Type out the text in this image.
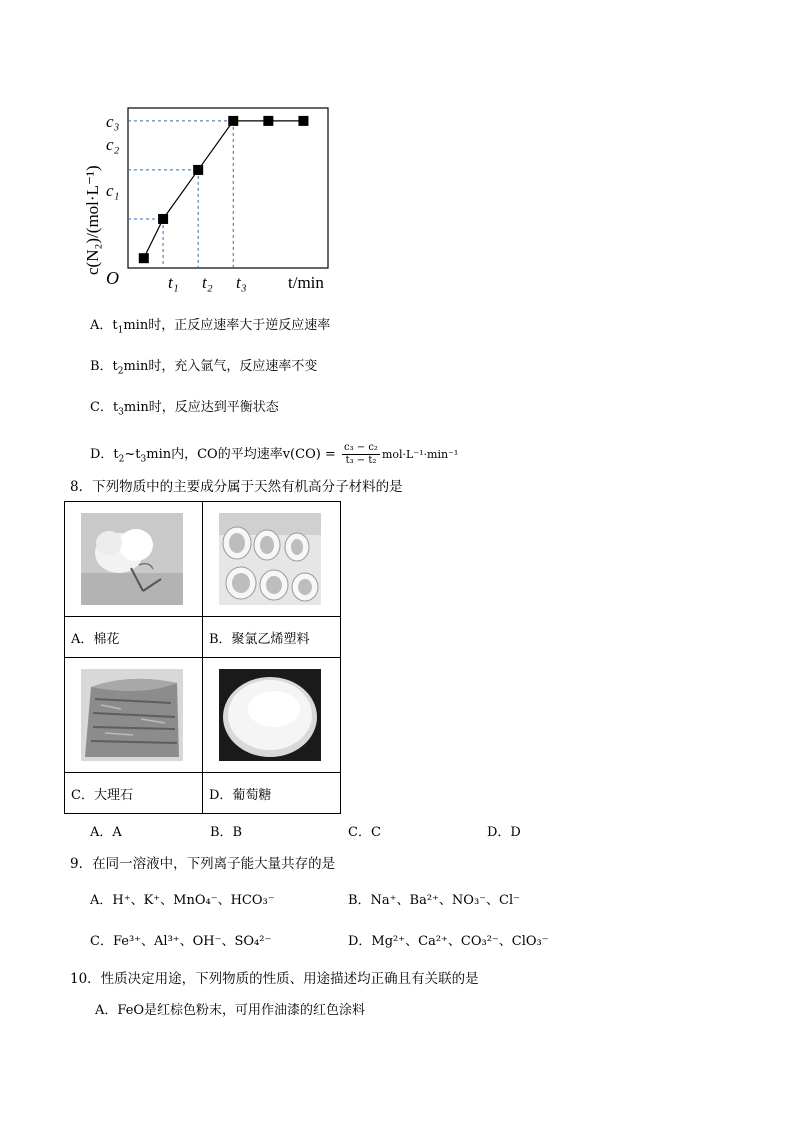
c(N₂)/(mol·L⁻¹)
O
c₁
c₂
c₃
t₁ t₂ t₃ t/min
A．$t_1\min$时，正反应速率大于逆反应速率
B．$t_2\min$时，充入氩气，反应速率不变
C．$t_3\min$时，反应达到平衡状态
D．$t_2\sim t_3\min$内，CO的平均速率$v(CO) = \frac{\text{c₃ − c₂}}{\text{t₃ − t₂}} mol\cdot L^{-1}\cdot\min^{-1}$
8．下列物质中的主要成分属于天然有机高分子材料的是

A．棉花	B．聚氯乙烯塑料

C．大理石	D．葡萄糖
A．A	B．B	C．C	D．D
9．在同一溶液中，下列离子能大量共存的是
A．H⁺、K⁺、MnO₄⁻、HCO₃⁻	B．Na⁺、Ba²⁺、NO₃⁻、Cl⁻
C．Fe³⁺、Al³⁺、OH⁻、SO₄²⁻	D．Mg²⁺、Ca²⁺、CO₃²⁻、ClO₃⁻
10．性质决定用途，下列物质的性质、用途描述均正确且有关联的是
A．FeO是红棕色粉末，可用作油漆的红色涂料
